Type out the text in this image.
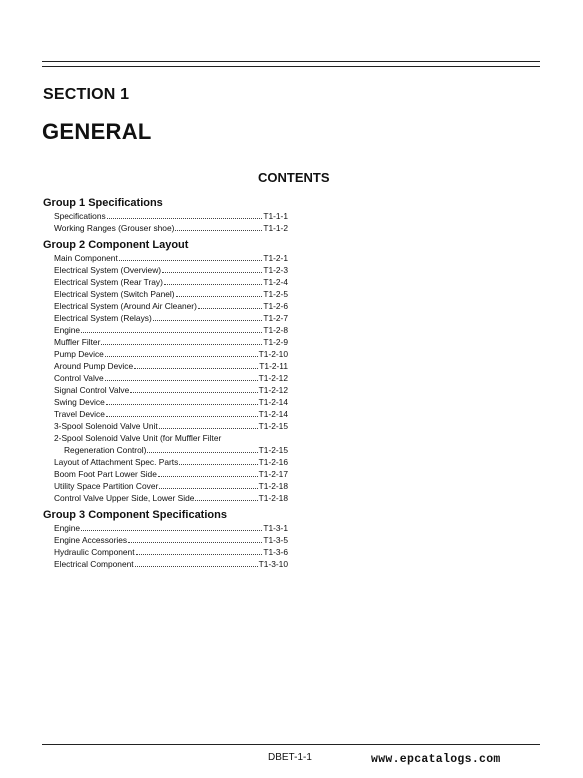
SECTION 1
GENERAL
CONTENTS
Group 1 Specifications
Specifications	T1-1-1
Working Ranges (Grouser shoe)	T1-1-2
Group 2 Component Layout
Main Component	T1-2-1
Electrical System (Overview)	T1-2-3
Electrical System (Rear Tray)	T1-2-4
Electrical System (Switch Panel)	T1-2-5
Electrical System (Around Air Cleaner)	T1-2-6
Electrical System (Relays)	T1-2-7
Engine	T1-2-8
Muffler Filter	T1-2-9
Pump Device	T1-2-10
Around Pump Device	T1-2-11
Control Valve	T1-2-12
Signal Control Valve	T1-2-12
Swing Device	T1-2-14
Travel Device	T1-2-14
3-Spool Solenoid Valve Unit	T1-2-15
2-Spool Solenoid Valve Unit (for Muffler Filter
Regeneration Control)	T1-2-15
Layout of Attachment Spec. Parts	T1-2-16
Boom Foot Part Lower Side	T1-2-17
Utility Space Partition Cover	T1-2-18
Control Valve Upper Side, Lower Side	T1-2-18
Group 3 Component Specifications
Engine	T1-3-1
Engine Accessories	T1-3-5
Hydraulic Component	T1-3-6
Electrical Component	T1-3-10
DBET-1-1	www.epcatalogs.com
